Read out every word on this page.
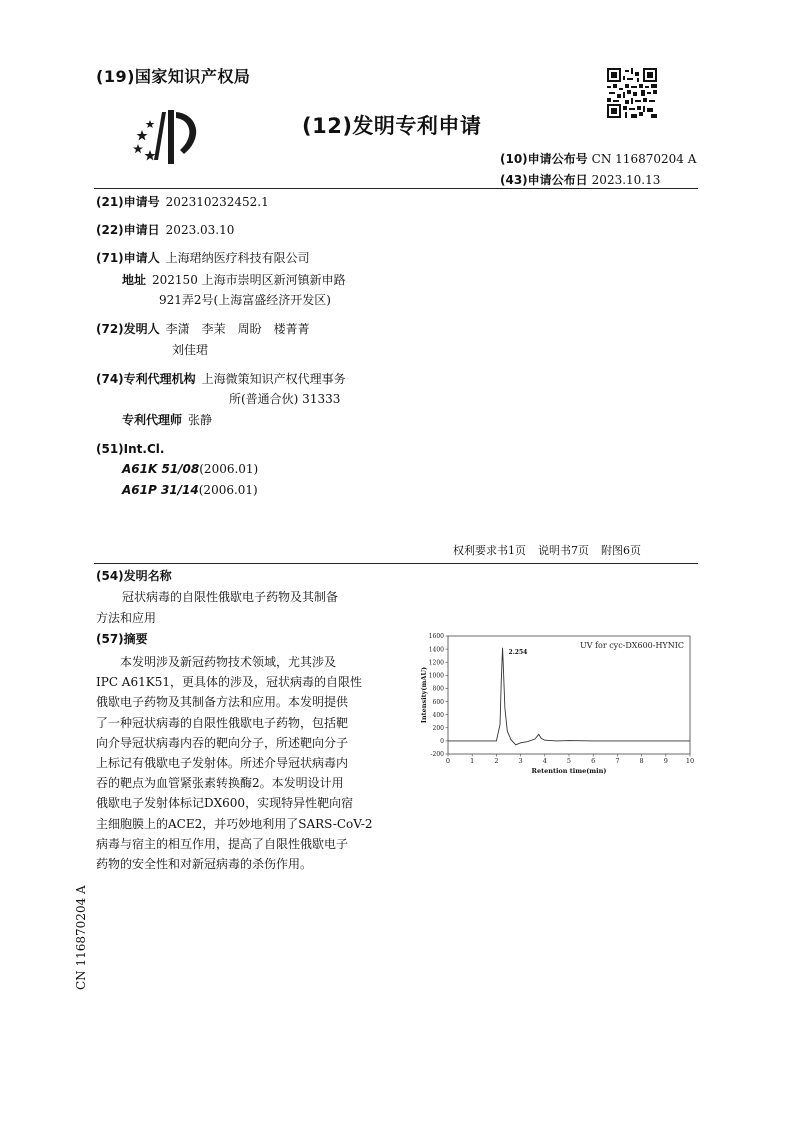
(19)国家知识产权局
(12)发明专利申请
(10)申请公布号 CN 116870204 A
(43)申请公布日 2023.10.13
(21)申请号 202310232452.1
(22)申请日 2023.03.10
(71)申请人 上海珺纳医疗科技有限公司
地址 202150 上海市崇明区新河镇新申路
921弄2号(上海富盛经济开发区)
(72)发明人 李潇　李茉　周盼　楼菁菁
刘佳珺
(74)专利代理机构 上海微策知识产权代理事务
所(普通合伙) 31333
专利代理师 张静
(51)Int.Cl.
A61K 51/08(2006.01)
A61P 31/14(2006.01)
权利要求书1页 说明书7页 附图6页
(54)发明名称
冠状病毒的自限性俄歇电子药物及其制备
方法和应用
(57)摘要
　　本发明涉及新冠药物技术领域，尤其涉及
IPC A61K51，更具体的涉及，冠状病毒的自限性
俄歇电子药物及其制备方法和应用。本发明提供
了一种冠状病毒的自限性俄歇电子药物，包括靶
向介导冠状病毒内吞的靶向分子，所述靶向分子
上标记有俄歇电子发射体。所述介导冠状病毒内
吞的靶点为血管紧张素转换酶2。本发明设计用
俄歇电子发射体标记DX600，实现特异性靶向宿
主细胞膜上的ACE2，并巧妙地利用了SARS-CoV-2
病毒与宿主的相互作用，提高了自限性俄歇电子
药物的安全性和对新冠病毒的杀伤作用。
0	1	2	3	4	5	6	7	8	9	10
-200
0
200
400
600
800
1000
1200
1400
1600
Retention time(min)
Intensity(mAU)
UV for cyc-DX600-HYNIC
2.254
CN 116870204 A
